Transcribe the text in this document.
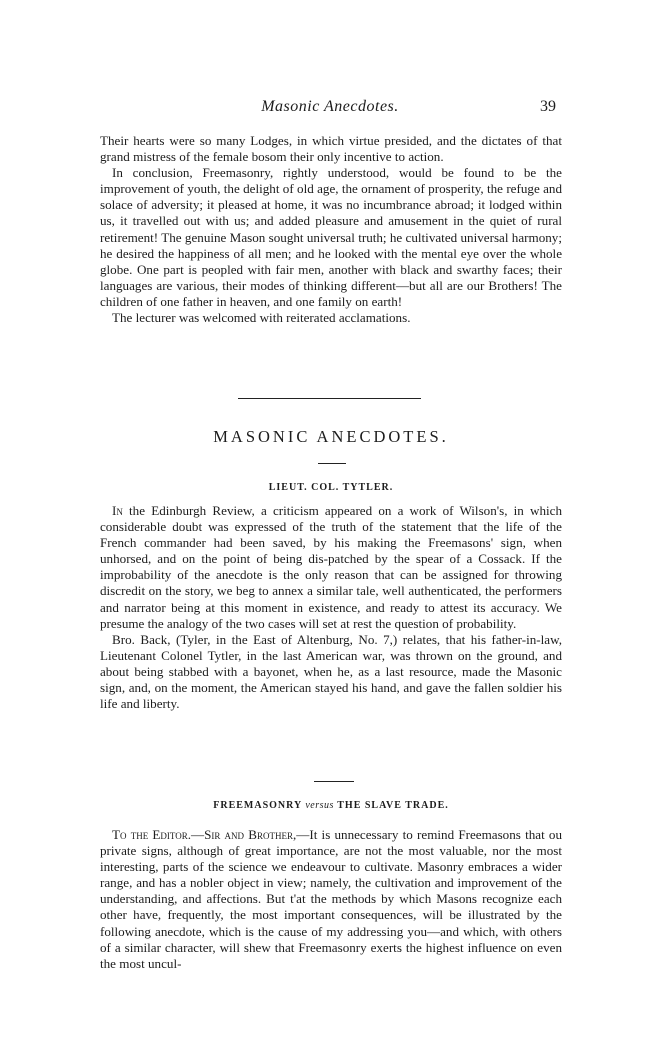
Masonic Anecdotes.	39

Their hearts were so many Lodges, in which virtue presided, and the dictates of that grand mistress of the female bosom their only incentive to action.

In conclusion, Freemasonry, rightly understood, would be found to be the improvement of youth, the delight of old age, the ornament of prosperity, the refuge and solace of adversity; it pleased at home, it was no incumbrance abroad; it lodged within us, it travelled out with us; and added pleasure and amusement in the quiet of rural retirement! The genuine Mason sought universal truth; he cultivated universal harmony; he desired the happiness of all men; and he looked with the mental eye over the whole globe. One part is peopled with fair men, another with black and swarthy faces; their languages are various, their modes of thinking different—but all are our Brothers! The children of one father in heaven, and one family on earth!

The lecturer was welcomed with reiterated acclamations.

MASONIC ANECDOTES.
LIEUT. COL. TYTLER.

In the Edinburgh Review, a criticism appeared on a work of Wilson's, in which considerable doubt was expressed of the truth of the statement that the life of the French commander had been saved, by his making the Freemasons' sign, when unhorsed, and on the point of being dis-patched by the spear of a Cossack. If the improbability of the anecdote is the only reason that can be assigned for throwing discredit on the story, we beg to annex a similar tale, well authenticated, the performers and narrator being at this moment in existence, and ready to attest its accuracy. We presume the analogy of the two cases will set at rest the question of probability.

Bro. Back, (Tyler, in the East of Altenburg, No. 7,) relates, that his father-in-law, Lieutenant Colonel Tytler, in the last American war, was thrown on the ground, and about being stabbed with a bayonet, when he, as a last resource, made the Masonic sign, and, on the moment, the American stayed his hand, and gave the fallen soldier his life and liberty.

FREEMASONRY versus THE SLAVE TRADE.

To the Editor.—Sir and Brother,—It is unnecessary to remind Freemasons that ou private signs, although of great importance, are not the most valuable, nor the most interesting, parts of the science we endeavour to cultivate. Masonry embraces a wider range, and has a nobler object in view; namely, the cultivation and improvement of the understanding, and affections. But t'at the methods by which Masons recognize each other have, frequently, the most important consequences, will be illustrated by the following anecdote, which is the cause of my addressing you—and which, with others of a similar character, will shew that Freemasonry exerts the highest influence on even the most uncul-
